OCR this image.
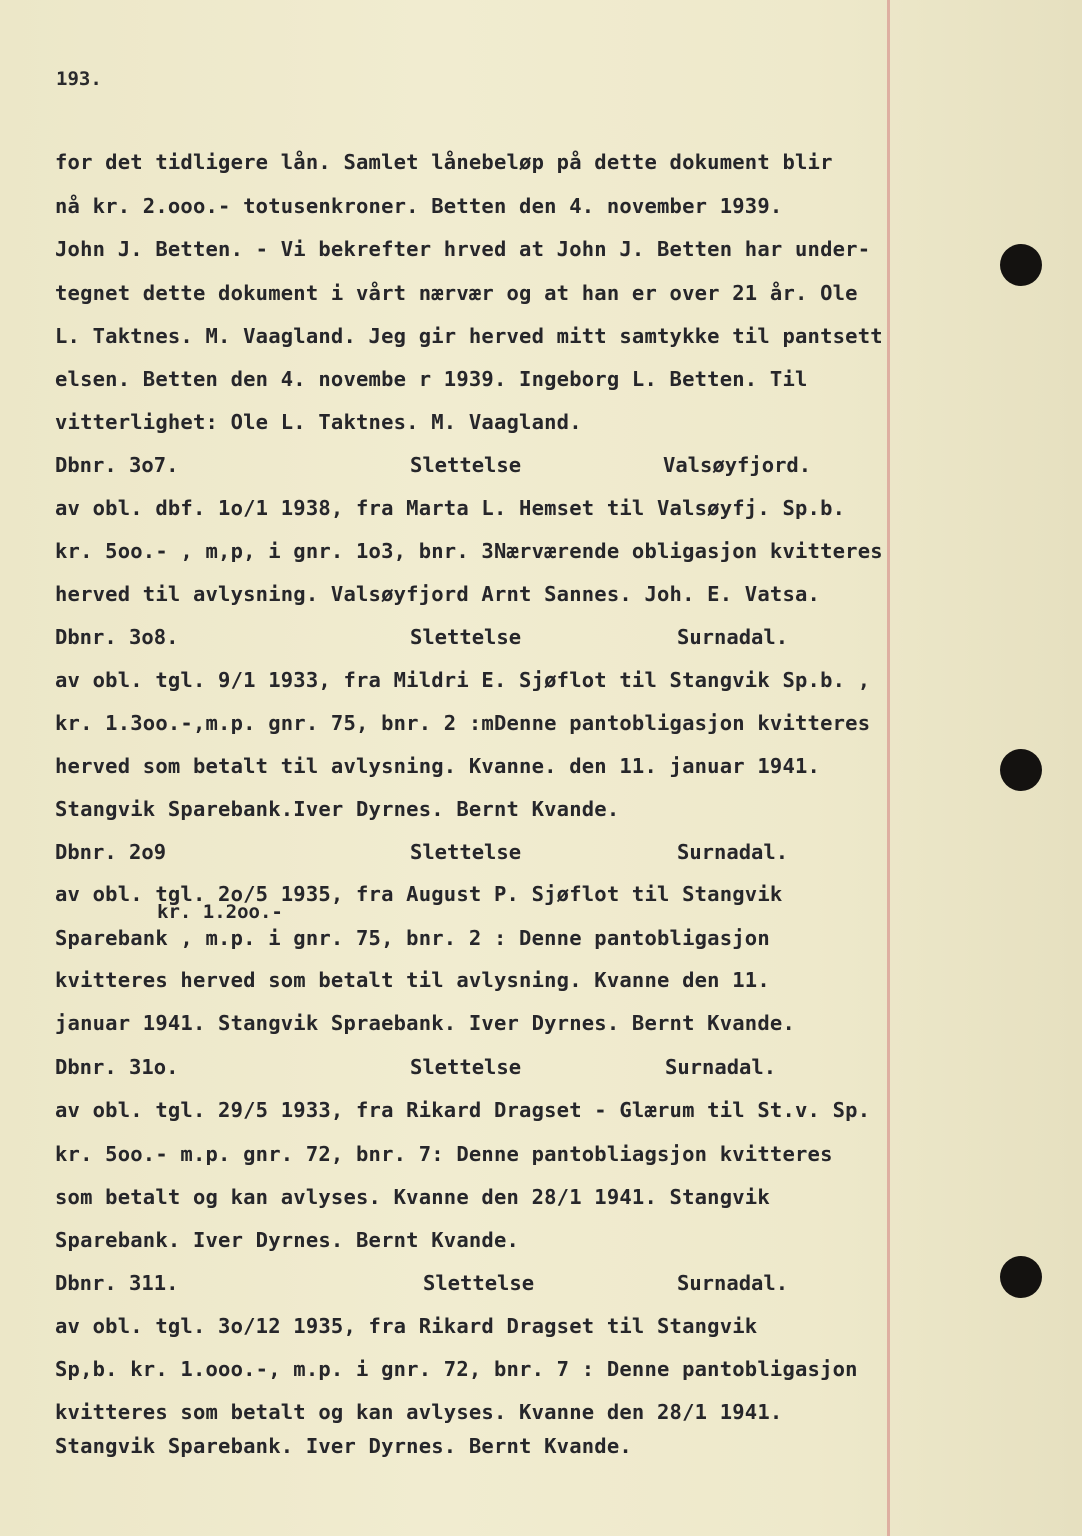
193.
for det tidligere lån. Samlet lånebeløp på dette dokument blir
nå kr. 2.ooo.- totusenkroner. Betten den 4. november 1939.
John J. Betten. - Vi bekrefter hrved at John J. Betten har under-
tegnet dette dokument i vårt nærvær og at han er over 21 år. Ole
L. Taktnes. M. Vaagland. Jeg gir herved mitt samtykke til pantsett
elsen. Betten den 4. novembe r 1939. Ingeborg L. Betten. Til
vitterlighet: Ole L. Taktnes. M. Vaagland.
Dbnr. 3o7.	Slettelse	Valsøyfjord.
av obl. dbf. 1o/1 1938, fra Marta L. Hemset til Valsøyfj. Sp.b.
kr. 5oo.- , m,p, i gnr. 1o3, bnr. 3Nærværende obligasjon kvitteres
herved til avlysning. Valsøyfjord Arnt Sannes. Joh. E. Vatsa.
Dbnr. 3o8.	Slettelse	Surnadal.
av obl. tgl. 9/1 1933, fra Mildri E. Sjøflot til Stangvik Sp.b. ,
kr. 1.3oo.-,m.p. gnr. 75, bnr. 2 :mDenne pantobligasjon kvitteres
herved som betalt til avlysning. Kvanne. den 11. januar 1941.
Stangvik Sparebank.Iver Dyrnes. Bernt Kvande.
Dbnr. 2o9	Slettelse	Surnadal.
av obl. tgl. 2o/5 1935, fra August P. Sjøflot til Stangvik
kr. 1.2oo.-
Sparebank , m.p. i gnr. 75, bnr. 2 : Denne pantobligasjon
kvitteres herved som betalt til avlysning. Kvanne den 11.
januar 1941. Stangvik Spraebank. Iver Dyrnes. Bernt Kvande.
Dbnr. 31o.	Slettelse	Surnadal.
av obl. tgl. 29/5 1933, fra Rikard Dragset - Glærum til St.v. Sp.
kr. 5oo.- m.p. gnr. 72, bnr. 7: Denne pantobliagsjon kvitteres
som betalt og kan avlyses. Kvanne den 28/1 1941. Stangvik
Sparebank. Iver Dyrnes. Bernt Kvande.
Dbnr. 311.	Slettelse	Surnadal.
av obl. tgl. 3o/12 1935, fra Rikard Dragset til Stangvik
Sp,b. kr. 1.ooo.-, m.p. i gnr. 72, bnr. 7 : Denne pantobligasjon
kvitteres som betalt og kan avlyses. Kvanne den 28/1 1941.
Stangvik Sparebank. Iver Dyrnes. Bernt Kvande.
